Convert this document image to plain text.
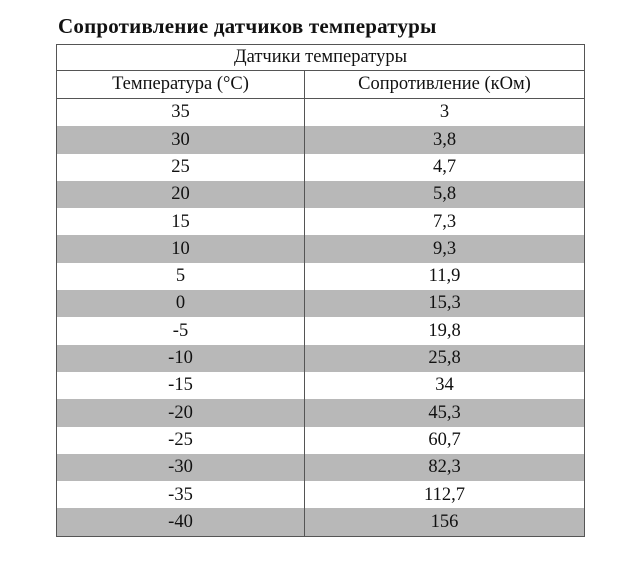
Сопротивление датчиков температуры
Датчики температуры	
Температура (°С)	Сопротивление (кОм)
35	3
30	3,8
25	4,7
20	5,8
15	7,3
10	9,3
5	11,9
0	15,3
-5	19,8
-10	25,8
-15	34
-20	45,3
-25	60,7
-30	82,3
-35	112,7
-40	156
